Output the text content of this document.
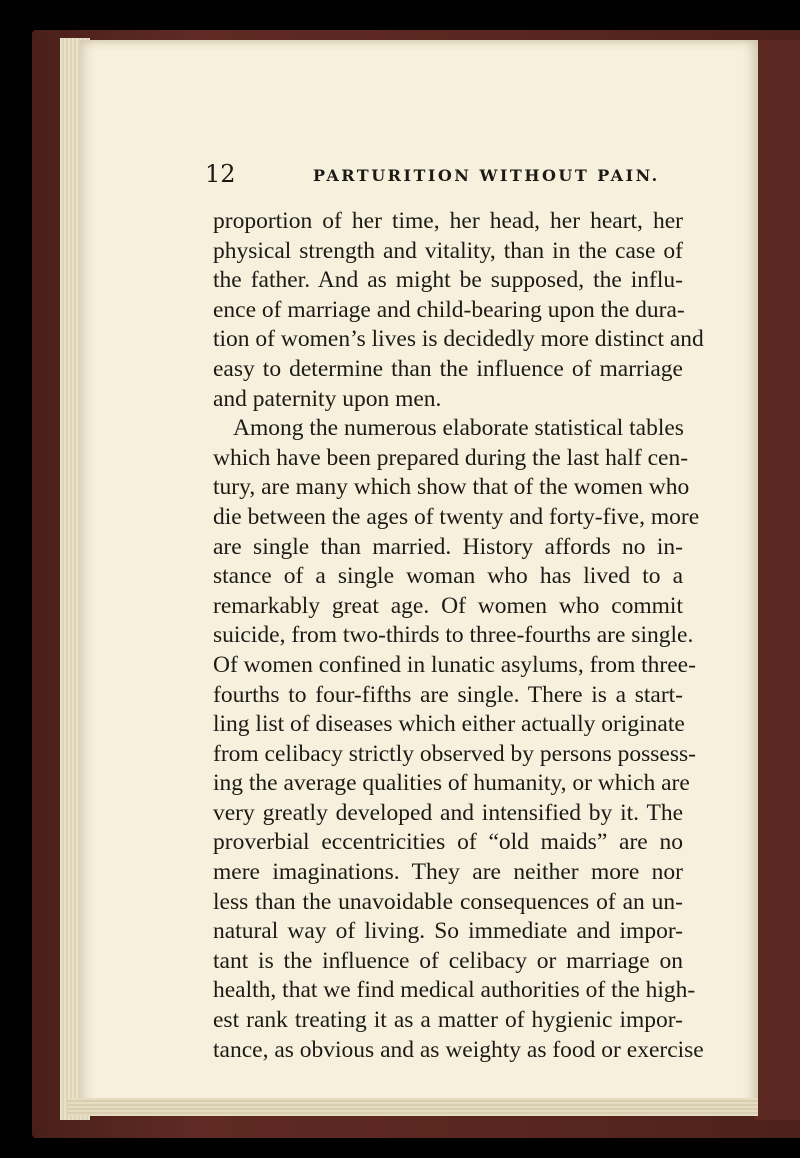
12	PARTURITION WITHOUT PAIN.
proportion of her time, her head, her heart, her
physical strength and vitality, than in the case of
the father. And as might be supposed, the influ-
ence of marriage and child-bearing upon the dura-
tion of women’s lives is decidedly more distinct and
easy to determine than the influence of marriage
and paternity upon men.
Among the numerous elaborate statistical tables
which have been prepared during the last half cen-
tury, are many which show that of the women who
die between the ages of twenty and forty-five, more
are single than married. History affords no in-
stance of a single woman who has lived to a
remarkably great age. Of women who commit
suicide, from two-thirds to three-fourths are single.
Of women confined in lunatic asylums, from three-
fourths to four-fifths are single. There is a start-
ling list of diseases which either actually originate
from celibacy strictly observed by persons possess-
ing the average qualities of humanity, or which are
very greatly developed and intensified by it. The
proverbial eccentricities of “old maids” are no
mere imaginations. They are neither more nor
less than the unavoidable consequences of an un-
natural way of living. So immediate and impor-
tant is the influence of celibacy or marriage on
health, that we find medical authorities of the high-
est rank treating it as a matter of hygienic impor-
tance, as obvious and as weighty as food or exercise
